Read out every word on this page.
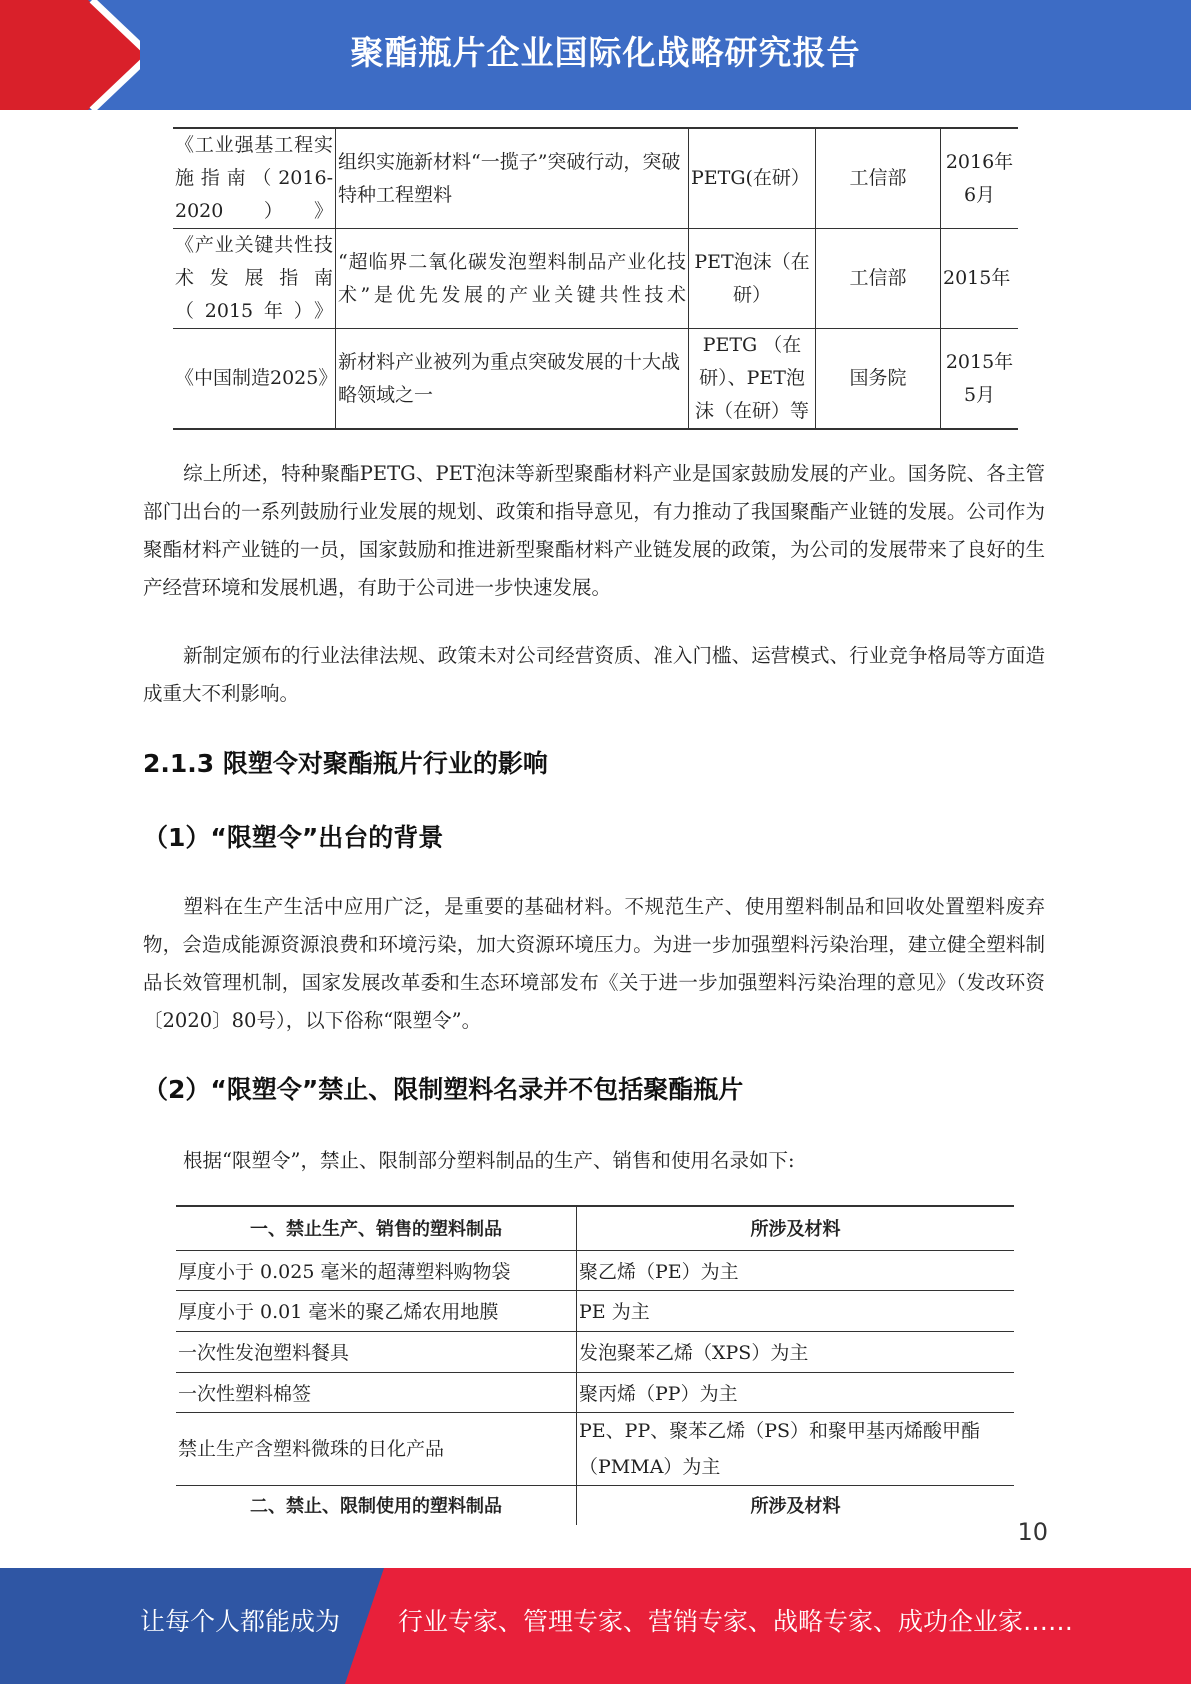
聚酯瓶片企业国际化战略研究报告
《工业强基工程实施指南（2016-2020）》	组织实施新材料“一揽子”突破行动，突破特种工程塑料	PETG(在研）	工信部	2016年6月
《产业关键共性技术发展指南（2015年）》	“超临界二氧化碳发泡塑料制品产业化技术”是优先发展的产业关键共性技术	PET泡沫（在研）	工信部	2015年
《中国制造2025》	新材料产业被列为重点突破发展的十大战略领域之一	PETG （在研）、PET泡沫（在研）等	国务院	2015年5月
综上所述，特种聚酯PETG、PET泡沫等新型聚酯材料产业是国家鼓励发展的产业。国务院、各主管部门出台的一系列鼓励行业发展的规划、政策和指导意见，有力推动了我国聚酯产业链的发展。公司作为聚酯材料产业链的一员，国家鼓励和推进新型聚酯材料产业链发展的政策，为公司的发展带来了良好的生产经营环境和发展机遇，有助于公司进一步快速发展。
新制定颁布的行业法律法规、政策未对公司经营资质、准入门槛、运营模式、行业竞争格局等方面造成重大不利影响。
2.1.3 限塑令对聚酯瓶片行业的影响
（1）“限塑令”出台的背景
塑料在生产生活中应用广泛，是重要的基础材料。不规范生产、使用塑料制品和回收处置塑料废弃物，会造成能源资源浪费和环境污染，加大资源环境压力。为进一步加强塑料污染治理，建立健全塑料制品长效管理机制，国家发展改革委和生态环境部发布《关于进一步加强塑料污染治理的意见》（发改环资〔2020〕80号），以下俗称“限塑令”。
（2）“限塑令”禁止、限制塑料名录并不包括聚酯瓶片
根据“限塑令”，禁止、限制部分塑料制品的生产、销售和使用名录如下:
一、禁止生产、销售的塑料制品	所涉及材料
厚度小于 0.025 毫米的超薄塑料购物袋	聚乙烯（PE）为主
厚度小于 0.01 毫米的聚乙烯农用地膜	PE 为主
一次性发泡塑料餐具	发泡聚苯乙烯（XPS）为主
一次性塑料棉签	聚丙烯（PP）为主
禁止生产含塑料微珠的日化产品	PE、PP、聚苯乙烯（PS）和聚甲基丙烯酸甲酯（PMMA）为主
二、禁止、限制使用的塑料制品	所涉及材料
10
让每个人都能成为 行业专家、管理专家、营销专家、战略专家、成功企业家……
